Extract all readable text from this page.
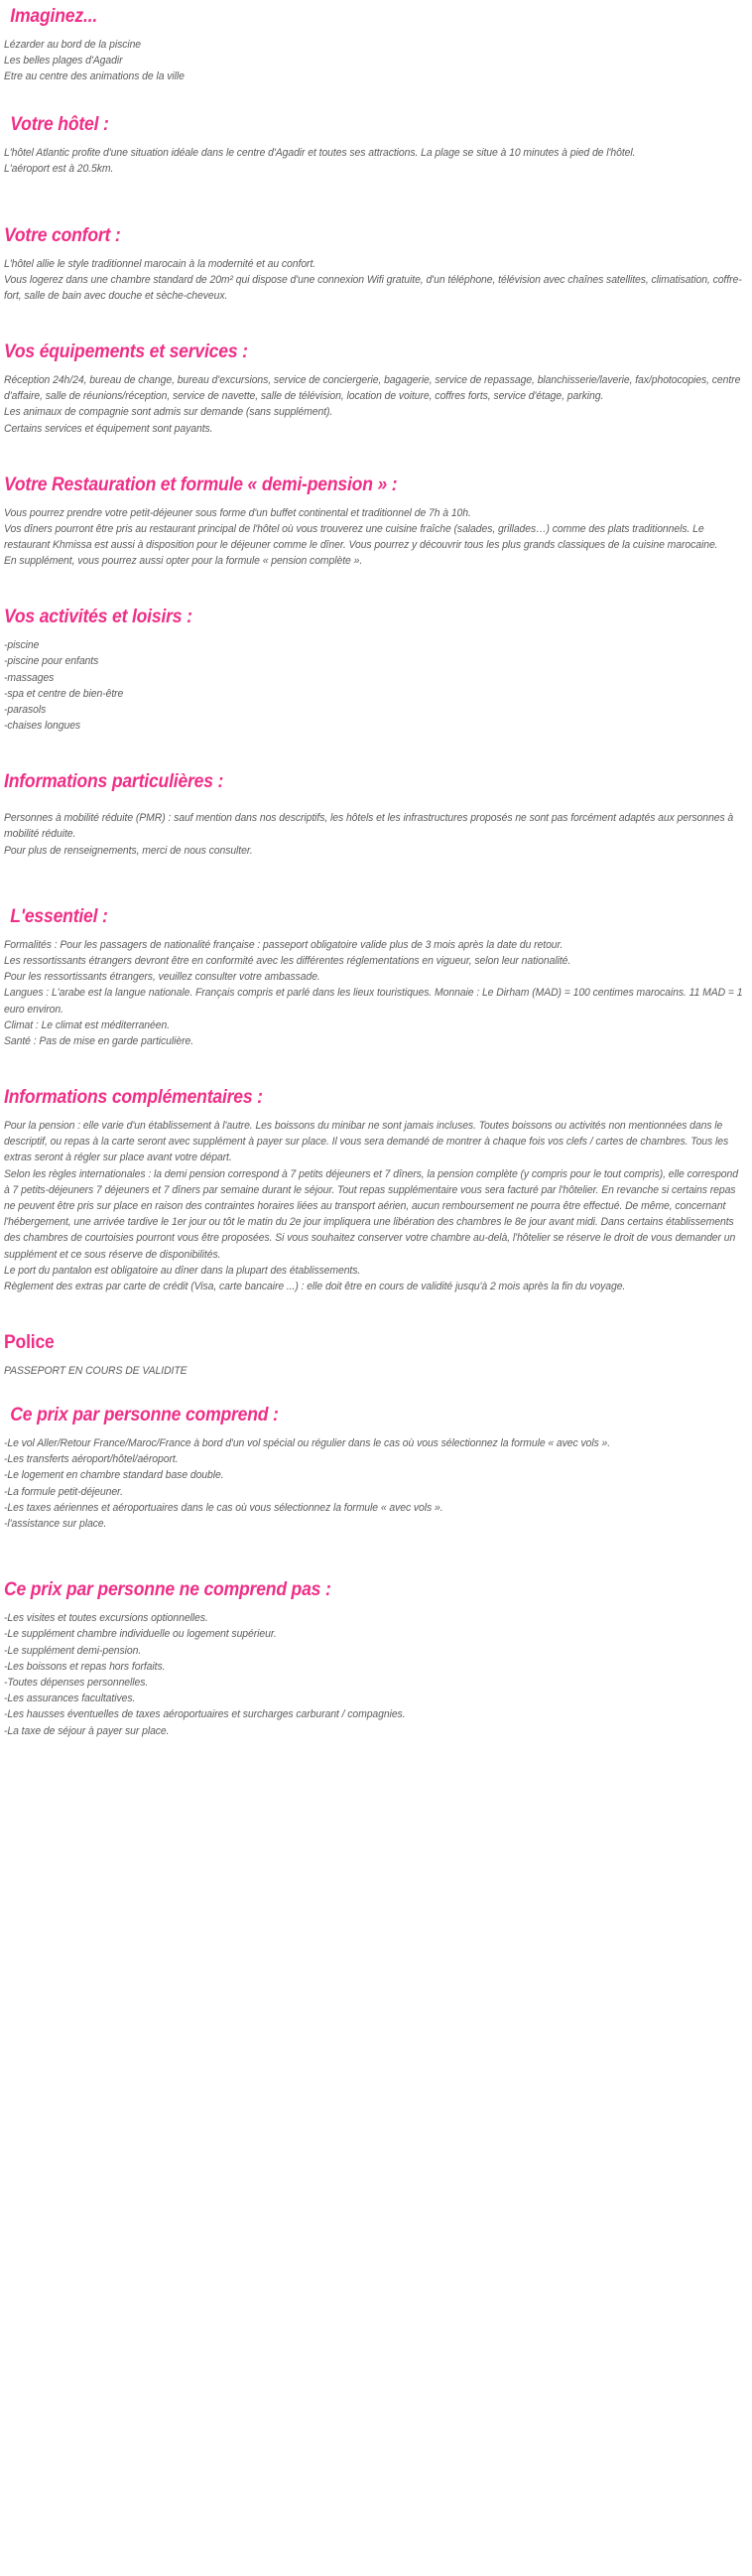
Imaginez...

Lézarder au bord de la piscine

Les belles plages d'Agadir

Etre au centre des animations de la ville

Votre hôtel :

L'hôtel Atlantic profite d'une situation idéale dans le centre d'Agadir et toutes ses attractions. La plage se situe à 10 minutes à pied de l'hôtel.

L'aéroport est à 20.5km.

Votre confort :

L'hôtel allie le style traditionnel marocain à la modernité et au confort.

Vous logerez dans une chambre standard de 20m² qui dispose d'une connexion Wifi gratuite, d'un téléphone, télévision avec chaînes satellites, climatisation, coffre-fort, salle de bain avec douche et sèche-cheveux.

Vos équipements et services :

Réception 24h/24, bureau de change, bureau d'excursions, service de conciergerie, bagagerie, service de repassage, blanchisserie/laverie, fax/photocopies, centre d'affaire, salle de réunions/réception, service de navette, salle de télévision, location de voiture, coffres forts, service d'étage, parking.

Les animaux de compagnie sont admis sur demande (sans supplément).

Certains services et équipement sont payants.

Votre Restauration et formule « demi-pension » :

Vous pourrez prendre votre petit-déjeuner sous forme d'un buffet continental et traditionnel de 7h à 10h.

Vos dîners pourront être pris au restaurant principal de l'hôtel où vous trouverez une cuisine fraîche (salades, grillades…) comme des plats traditionnels. Le restaurant Khmissa est aussi à disposition pour le déjeuner comme le dîner. Vous pourrez y découvrir tous les plus grands classiques de la cuisine marocaine.

En supplément, vous pourrez aussi opter pour la formule « pension complète ».

Vos activités et loisirs :

-piscine

-piscine pour enfants

-massages

-spa et centre de bien-être

-parasols

-chaises longues

Informations particulières :

Personnes à mobilité réduite (PMR) : sauf mention dans nos descriptifs, les hôtels et les infrastructures proposés ne sont pas forcément adaptés aux personnes à mobilité réduite.

Pour plus de renseignements, merci de nous consulter.

L'essentiel :

Formalités : Pour les passagers de nationalité française : passeport obligatoire valide plus de 3 mois après la date du retour.

Les ressortissants étrangers devront être en conformité avec les différentes réglementations en vigueur, selon leur nationalité.

Pour les ressortissants étrangers, veuillez consulter votre ambassade.

Langues : L'arabe est la langue nationale. Français compris et parlé dans les lieux touristiques. Monnaie : Le Dirham (MAD) = 100 centimes marocains. 11 MAD = 1 euro environ.

Climat : Le climat est méditerranéen.

Santé : Pas de mise en garde particulière.

Informations complémentaires :

Pour la pension : elle varie d'un établissement à l'autre. Les boissons du minibar ne sont jamais incluses. Toutes boissons ou activités non mentionnées dans le descriptif, ou repas à la carte seront avec supplément à payer sur place. Il vous sera demandé de montrer à chaque fois vos clefs / cartes de chambres. Tous les extras seront à régler sur place avant votre départ.

Selon les règles internationales : la demi pension correspond à 7 petits déjeuners et 7 dîners, la pension complète (y compris pour le tout compris), elle correspond à 7 petits-déjeuners 7 déjeuners et 7 dîners par semaine durant le séjour. Tout repas supplémentaire vous sera facturé par l'hôtelier. En revanche si certains repas ne peuvent être pris sur place en raison des contraintes horaires liées au transport aérien, aucun remboursement ne pourra être effectué. De même, concernant l'hébergement, une arrivée tardive le 1er jour ou tôt le matin du 2e jour impliquera une libération des chambres le 8e jour avant midi. Dans certains établissements des chambres de courtoisies pourront vous être proposées. Si vous souhaitez conserver votre chambre au-delà, l'hôtelier se réserve le droit de vous demander un supplément et ce sous réserve de disponibilités.

Le port du pantalon est obligatoire au dîner dans la plupart des établissements.

Règlement des extras par carte de crédit (Visa, carte bancaire ...) : elle doit être en cours de validité jusqu'à 2 mois après la fin du voyage.

Police

PASSEPORT EN COURS DE VALIDITE

Ce prix par personne comprend :

-Le vol Aller/Retour France/Maroc/France à bord d'un vol spécial ou régulier dans le cas où vous sélectionnez la formule « avec vols ».

-Les transferts aéroport/hôtel/aéroport.

-Le logement en chambre standard base double.

-La formule petit-déjeuner.

-Les taxes aériennes et aéroportuaires dans le cas où vous sélectionnez la formule « avec vols ».

-l'assistance sur place.

Ce prix par personne ne comprend pas :

-Les visites et toutes excursions optionnelles.

-Le supplément chambre individuelle ou logement supérieur.

-Le supplément demi-pension.

-Les boissons et repas hors forfaits.

-Toutes dépenses personnelles.

-Les assurances facultatives.

-Les hausses éventuelles de taxes aéroportuaires et surcharges carburant / compagnies.

-La taxe de séjour à payer sur place.
